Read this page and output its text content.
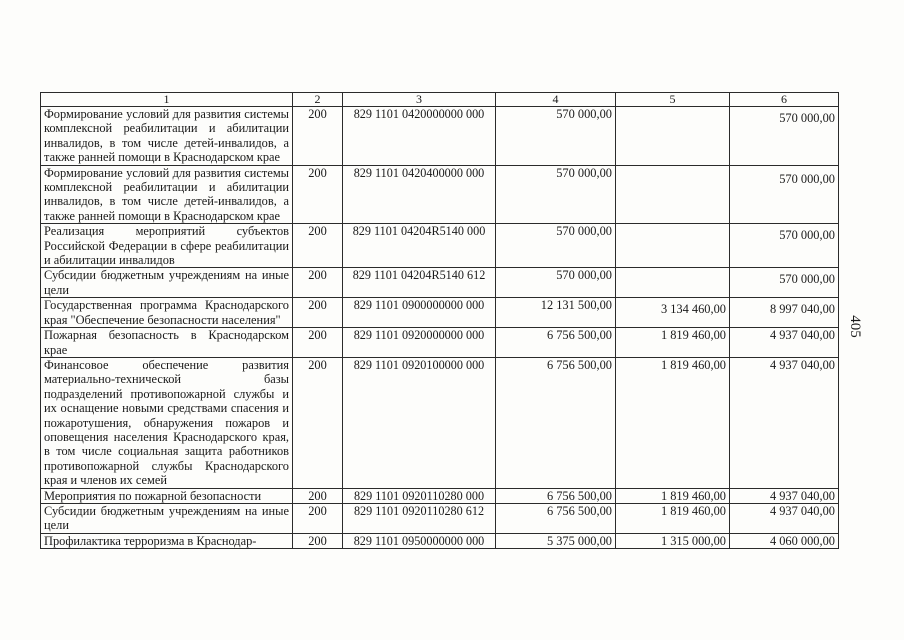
405
1	2	3	4	5	6
Формирование условий для развития системы комплексной реабилитации и абилитации инвалидов, в том числе детей-инвалидов, а также ранней помощи в Краснодарском крае	200	829 1101 0420000000 000	570 000,00		570 000,00
Формирование условий для развития системы комплексной реабилитации и абилитации инвалидов, в том числе детей-инвалидов, а также ранней помощи в Краснодарском крае	200	829 1101 0420400000 000	570 000,00		570 000,00
Реализация мероприятий субъектов Российской Федерации в сфере реабилитации и абилитации инвалидов	200	829 1101 04204R5140 000	570 000,00		570 000,00
Субсидии бюджетным учреждениям на иные цели	200	829 1101 04204R5140 612	570 000,00		570 000,00
Государственная программа Краснодарского края "Обеспечение безопасности населения"	200	829 1101 0900000000 000	12 131 500,00	3 134 460,00	8 997 040,00
Пожарная безопасность в Краснодарском крае	200	829 1101 0920000000 000	6 756 500,00	1 819 460,00	4 937 040,00
Финансовое обеспечение развития материально-технической базы подразделений противопожарной службы и их оснащение новыми средствами спасения и пожаротушения, обнаружения пожаров и оповещения населения Краснодарского края, в том числе социальная защита работников противопожарной службы Краснодарского края и членов их семей	200	829 1101 0920100000 000	6 756 500,00	1 819 460,00	4 937 040,00
Мероприятия по пожарной безопасности	200	829 1101 0920110280 000	6 756 500,00	1 819 460,00	4 937 040,00
Субсидии бюджетным учреждениям на иные цели	200	829 1101 0920110280 612	6 756 500,00	1 819 460,00	4 937 040,00
Профилактика терроризма в Краснодар-	200	829 1101 0950000000 000	5 375 000,00	1 315 000,00	4 060 000,00
